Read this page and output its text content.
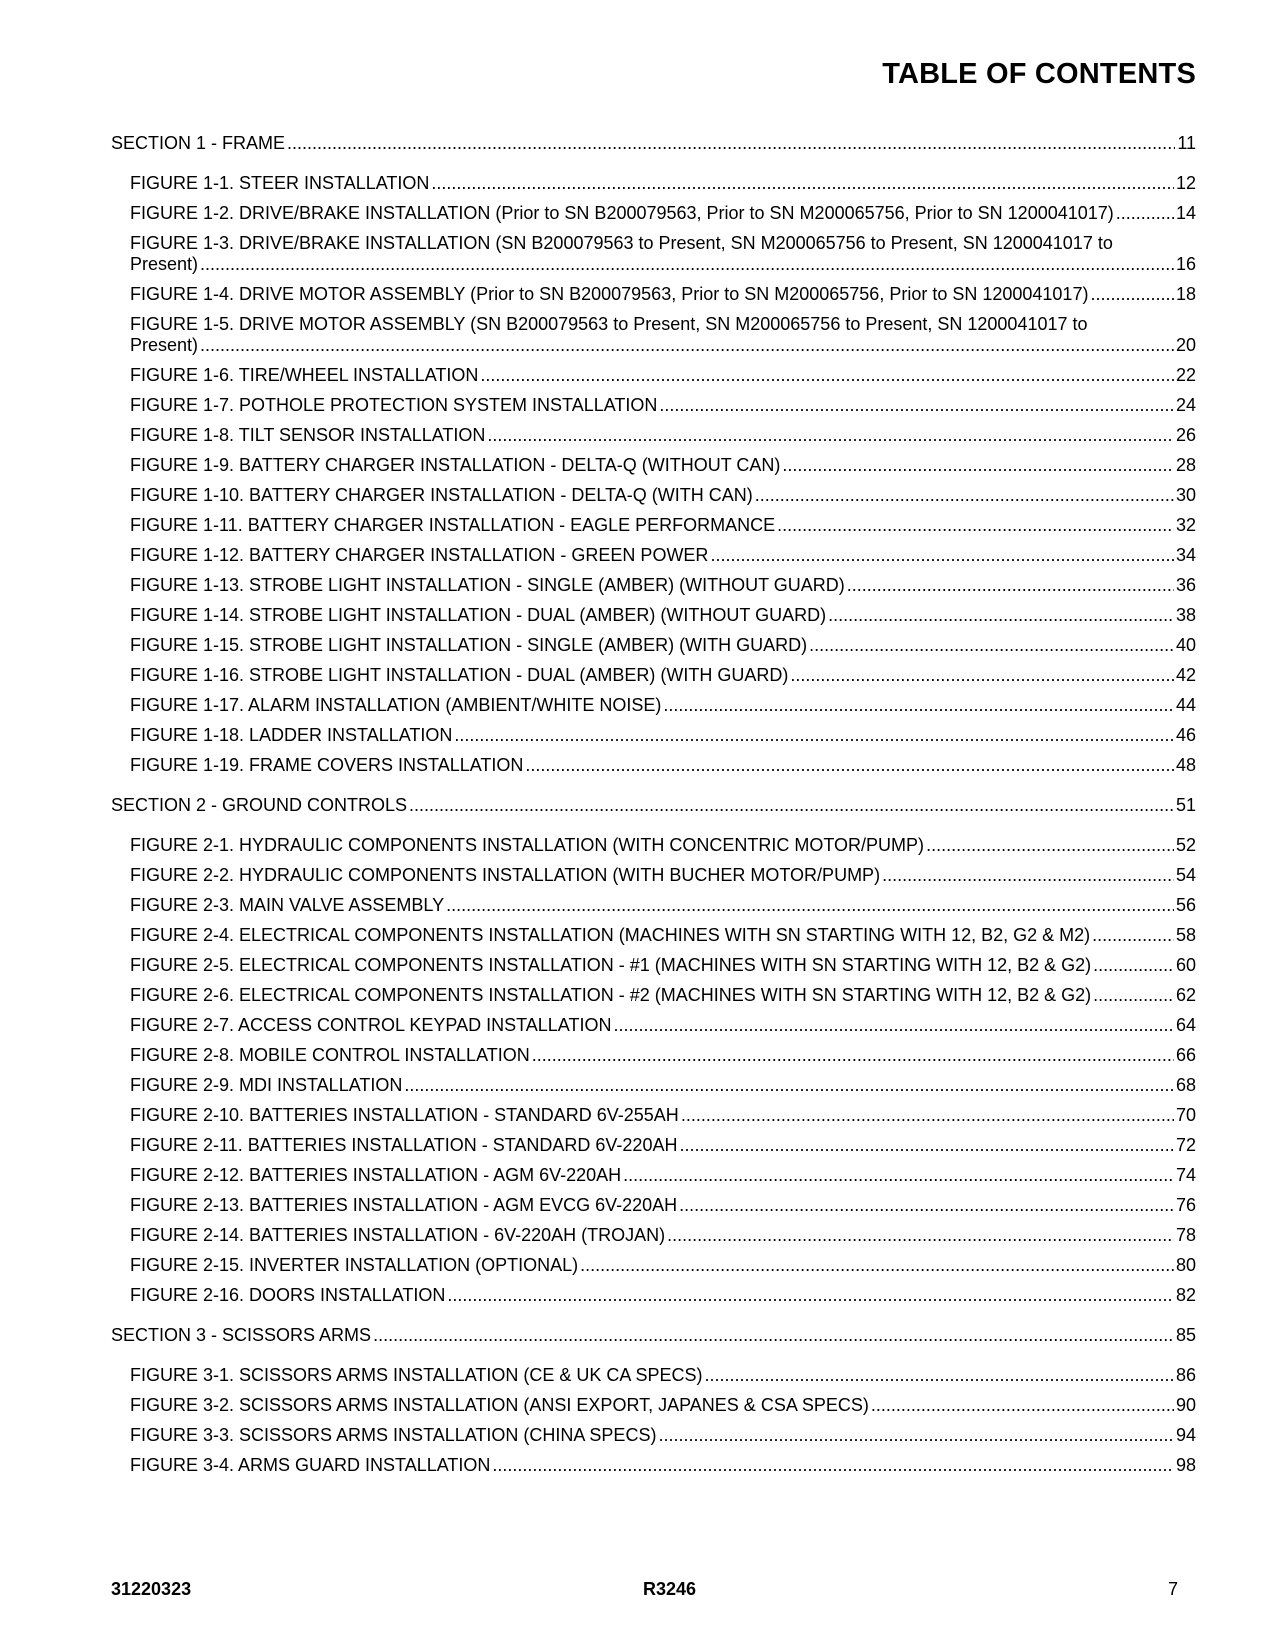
TABLE OF CONTENTS
SECTION 1 - FRAME .....	11
FIGURE 1-1. STEER INSTALLATION .....	12
FIGURE 1-2. DRIVE/BRAKE INSTALLATION (Prior to SN B200079563, Prior to SN M200065756, Prior to SN 1200041017) .....	14
FIGURE 1-3. DRIVE/BRAKE INSTALLATION (SN B200079563 to Present, SN M200065756 to Present, SN 1200041017 to
Present) .....	16
FIGURE 1-4. DRIVE MOTOR ASSEMBLY (Prior to SN B200079563, Prior to SN M200065756, Prior to SN 1200041017) .....	18
FIGURE 1-5. DRIVE MOTOR ASSEMBLY (SN B200079563 to Present, SN M200065756 to Present, SN 1200041017 to
Present) .....	20
FIGURE 1-6. TIRE/WHEEL INSTALLATION .....	22
FIGURE 1-7. POTHOLE PROTECTION SYSTEM INSTALLATION .....	24
FIGURE 1-8. TILT SENSOR INSTALLATION .....	26
FIGURE 1-9. BATTERY CHARGER INSTALLATION - DELTA-Q (WITHOUT CAN) .....	28
FIGURE 1-10. BATTERY CHARGER INSTALLATION - DELTA-Q (WITH CAN) .....	30
FIGURE 1-11. BATTERY CHARGER INSTALLATION - EAGLE PERFORMANCE .....	32
FIGURE 1-12. BATTERY CHARGER INSTALLATION - GREEN POWER .....	34
FIGURE 1-13. STROBE LIGHT INSTALLATION - SINGLE (AMBER) (WITHOUT GUARD) .....	36
FIGURE 1-14. STROBE LIGHT INSTALLATION - DUAL (AMBER) (WITHOUT GUARD) .....	38
FIGURE 1-15. STROBE LIGHT INSTALLATION - SINGLE (AMBER) (WITH GUARD) .....	40
FIGURE 1-16. STROBE LIGHT INSTALLATION - DUAL (AMBER) (WITH GUARD) .....	42
FIGURE 1-17. ALARM INSTALLATION (AMBIENT/WHITE NOISE) .....	44
FIGURE 1-18. LADDER INSTALLATION .....	46
FIGURE 1-19. FRAME COVERS INSTALLATION .....	48
SECTION 2 - GROUND CONTROLS .....	51
FIGURE 2-1. HYDRAULIC COMPONENTS INSTALLATION (WITH CONCENTRIC MOTOR/PUMP) .....	52
FIGURE 2-2. HYDRAULIC COMPONENTS INSTALLATION (WITH BUCHER MOTOR/PUMP) .....	54
FIGURE 2-3. MAIN VALVE ASSEMBLY .....	56
FIGURE 2-4. ELECTRICAL COMPONENTS INSTALLATION (MACHINES WITH SN STARTING WITH 12, B2, G2 & M2) .....	58
FIGURE 2-5. ELECTRICAL COMPONENTS INSTALLATION - #1 (MACHINES WITH SN STARTING WITH 12, B2 & G2) .....	60
FIGURE 2-6. ELECTRICAL COMPONENTS INSTALLATION - #2 (MACHINES WITH SN STARTING WITH 12, B2 & G2) .....	62
FIGURE 2-7. ACCESS CONTROL KEYPAD INSTALLATION .....	64
FIGURE 2-8. MOBILE CONTROL INSTALLATION .....	66
FIGURE 2-9. MDI INSTALLATION .....	68
FIGURE 2-10. BATTERIES INSTALLATION - STANDARD 6V-255AH .....	70
FIGURE 2-11. BATTERIES INSTALLATION - STANDARD 6V-220AH .....	72
FIGURE 2-12. BATTERIES INSTALLATION - AGM 6V-220AH .....	74
FIGURE 2-13. BATTERIES INSTALLATION - AGM EVCG 6V-220AH .....	76
FIGURE 2-14. BATTERIES INSTALLATION - 6V-220AH (TROJAN) .....	78
FIGURE 2-15. INVERTER INSTALLATION (OPTIONAL) .....	80
FIGURE 2-16. DOORS INSTALLATION .....	82
SECTION 3 - SCISSORS ARMS .....	85
FIGURE 3-1. SCISSORS ARMS INSTALLATION (CE & UK CA SPECS) .....	86
FIGURE 3-2. SCISSORS ARMS INSTALLATION (ANSI EXPORT, JAPANES & CSA SPECS) .....	90
FIGURE 3-3. SCISSORS ARMS INSTALLATION (CHINA SPECS) .....	94
FIGURE 3-4. ARMS GUARD INSTALLATION .....	98
31220323	R3246	7
